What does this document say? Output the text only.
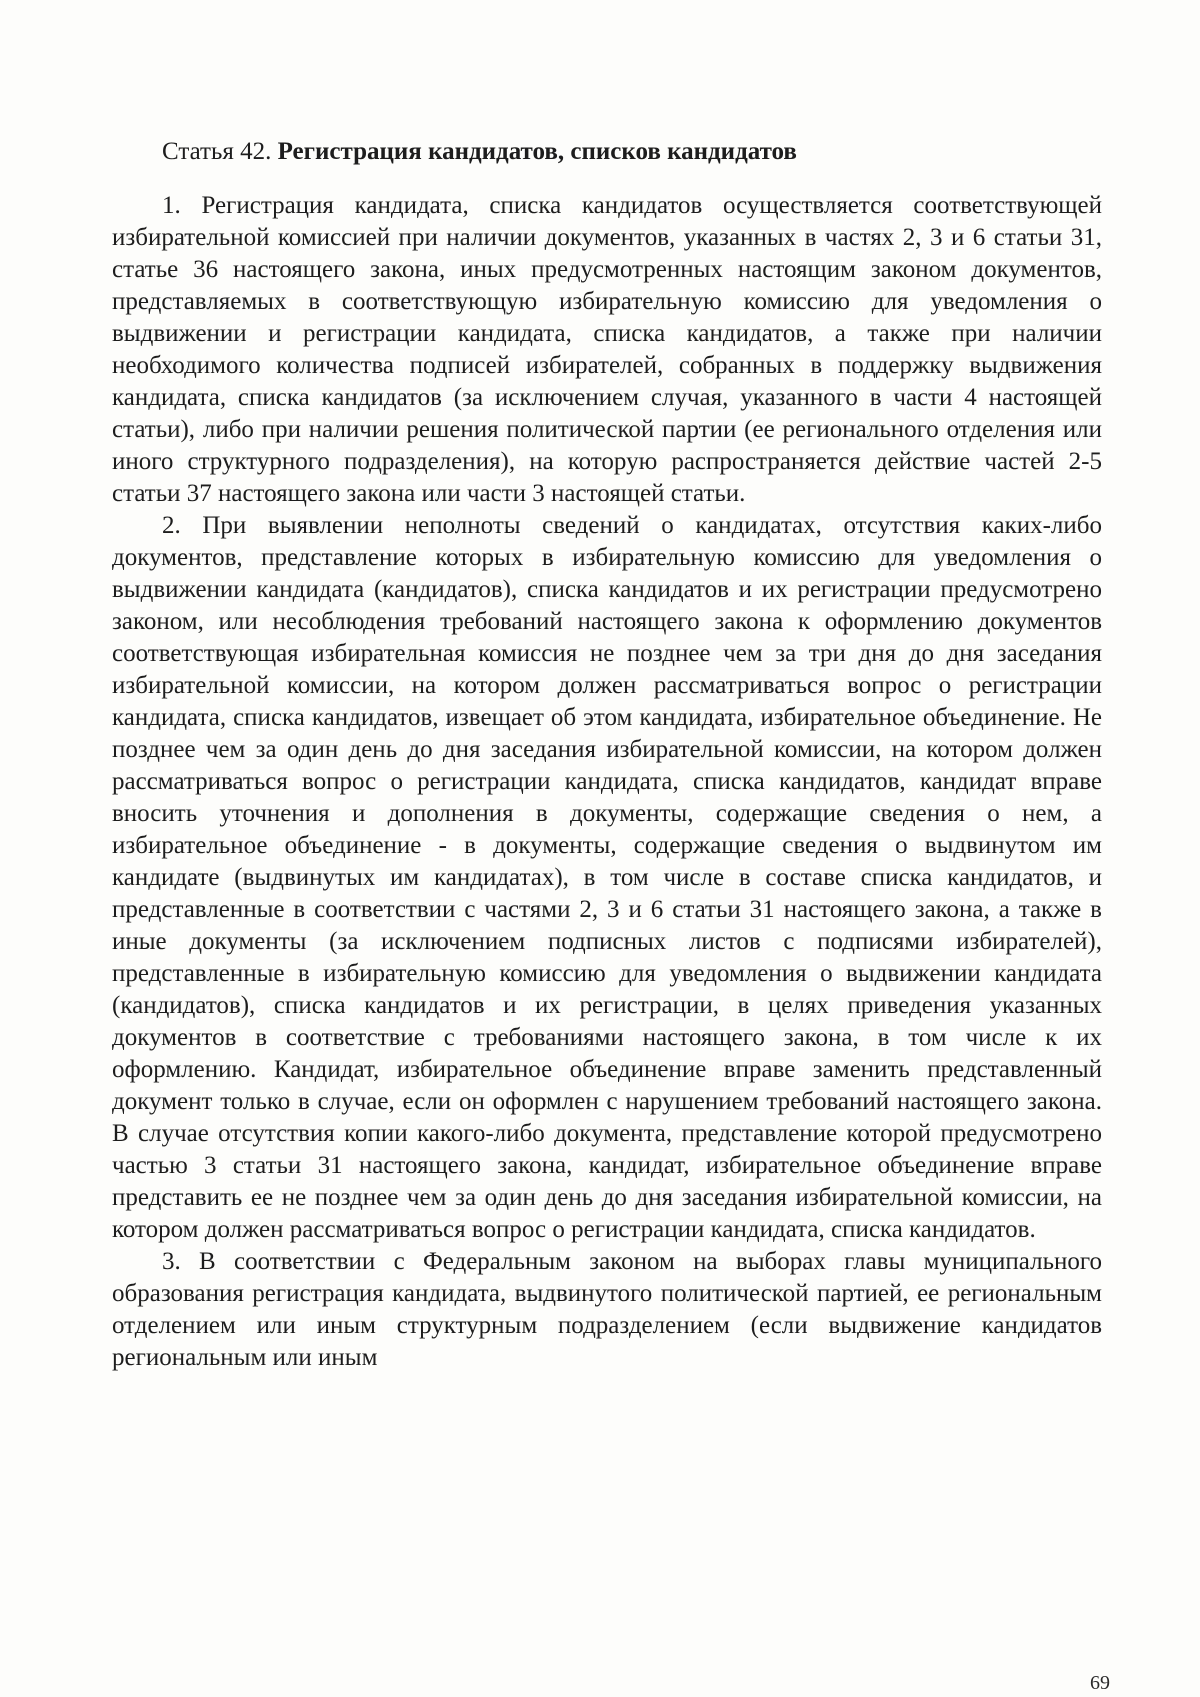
Статья 42. Регистрация кандидатов, списков кандидатов

1. Регистрация кандидата, списка кандидатов осуществляется соответствующей избирательной комиссией при наличии документов, указанных в частях 2, 3 и 6 статьи 31, статье 36 настоящего закона, иных предусмотренных настоящим законом документов, представляемых в соответствующую избирательную комиссию для уведомления о выдвижении и регистрации кандидата, списка кандидатов, а также при наличии необходимого количества подписей избирателей, собранных в поддержку выдвижения кандидата, списка кандидатов (за исключением случая, указанного в части 4 настоящей статьи), либо при наличии решения политической партии (ее регионального отделения или иного структурного подразделения), на которую распространяется действие частей 2-5 статьи 37 настоящего закона или части 3 настоящей статьи.

2. При выявлении неполноты сведений о кандидатах, отсутствия каких-либо документов, представление которых в избирательную комиссию для уведомления о выдвижении кандидата (кандидатов), списка кандидатов и их регистрации предусмотрено законом, или несоблюдения требований настоящего закона к оформлению документов соответствующая избирательная комиссия не позднее чем за три дня до дня заседания избирательной комиссии, на котором должен рассматриваться вопрос о регистрации кандидата, списка кандидатов, извещает об этом кандидата, избирательное объединение. Не позднее чем за один день до дня заседания избирательной комиссии, на котором должен рассматриваться вопрос о регистрации кандидата, списка кандидатов, кандидат вправе вносить уточнения и дополнения в документы, содержащие сведения о нем, а избирательное объединение - в документы, содержащие сведения о выдвинутом им кандидате (выдвинутых им кандидатах), в том числе в составе списка кандидатов, и представленные в соответствии с частями 2, 3 и 6 статьи 31 настоящего закона, а также в иные документы (за исключением подписных листов с подписями избирателей), представленные в избирательную комиссию для уведомления о выдвижении кандидата (кандидатов), списка кандидатов и их регистрации, в целях приведения указанных документов в соответствие с требованиями настоящего закона, в том числе к их оформлению. Кандидат, избирательное объединение вправе заменить представленный документ только в случае, если он оформлен с нарушением требований настоящего закона. В случае отсутствия копии какого-либо документа, представление которой предусмотрено частью 3 статьи 31 настоящего закона, кандидат, избирательное объединение вправе представить ее не позднее чем за один день до дня заседания избирательной комиссии, на котором должен рассматриваться вопрос о регистрации кандидата, списка кандидатов.

3. В соответствии с Федеральным законом на выборах главы муниципального образования регистрация кандидата, выдвинутого политической партией, ее региональным отделением или иным структурным подразделением (если выдвижение кандидатов региональным или иным

69
